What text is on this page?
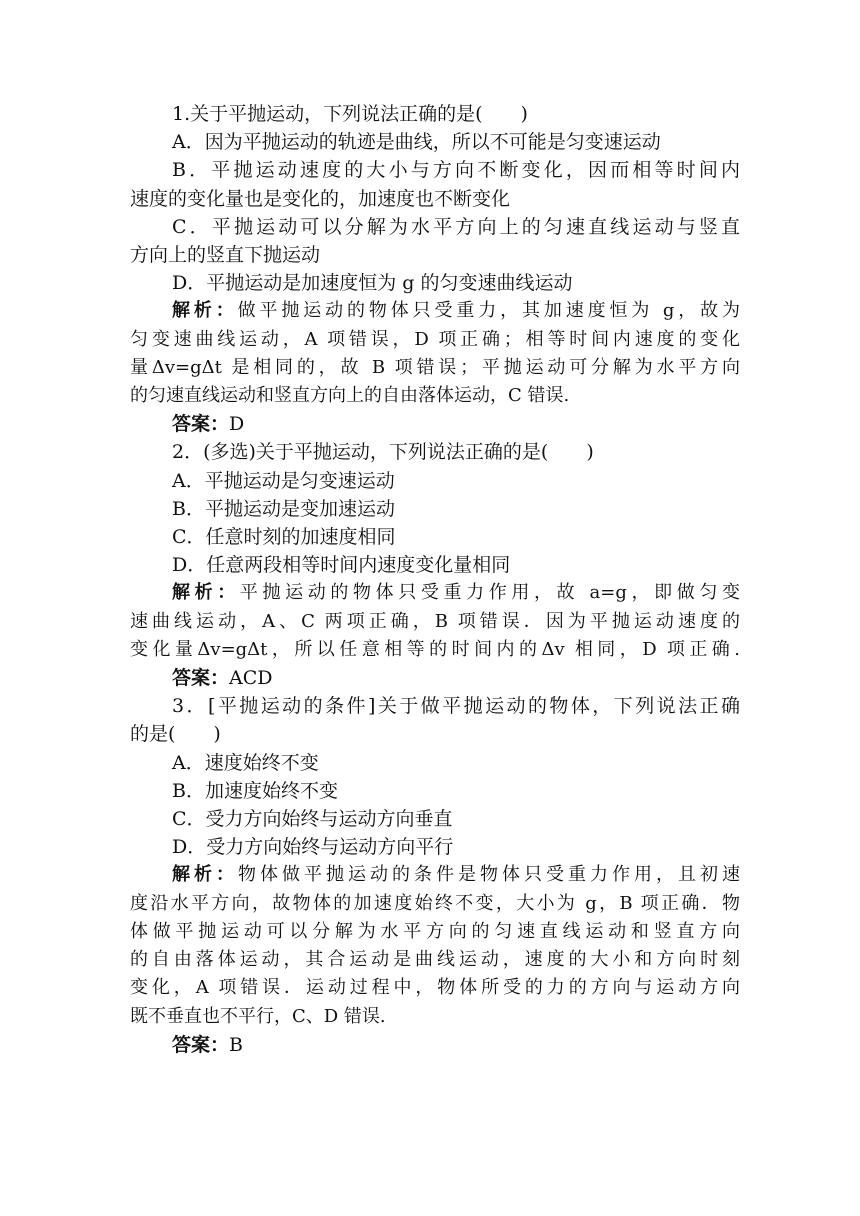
1.关于平抛运动，下列说法正确的是(　　)
A．因为平抛运动的轨迹是曲线，所以不可能是匀变速运动
B．平抛运动速度的大小与方向不断变化，因而相等时间内
速度的变化量也是变化的，加速度也不断变化
C．平抛运动可以分解为水平方向上的匀速直线运动与竖直
方向上的竖直下抛运动
D．平抛运动是加速度恒为 g 的匀变速曲线运动
解析：做平抛运动的物体只受重力，其加速度恒为 g，故为
匀变速曲线运动，A 项错误，D 项正确；相等时间内速度的变化
量Δv=gΔt 是相同的，故 B 项错误；平抛运动可分解为水平方向
的匀速直线运动和竖直方向上的自由落体运动，C 错误.
答案：D
2．(多选)关于平抛运动，下列说法正确的是(　　)
A．平抛运动是匀变速运动
B．平抛运动是变加速运动
C．任意时刻的加速度相同
D．任意两段相等时间内速度变化量相同
解析：平抛运动的物体只受重力作用，故 a=g，即做匀变
速曲线运动，A、C 两项正确，B 项错误．因为平抛运动速度的
变化量Δv=gΔt，所以任意相等的时间内的Δv 相同，D 项正确.
答案：ACD
3．[平抛运动的条件]关于做平抛运动的物体，下列说法正确
的是(　　)
A．速度始终不变
B．加速度始终不变
C．受力方向始终与运动方向垂直
D．受力方向始终与运动方向平行
解析：物体做平抛运动的条件是物体只受重力作用，且初速
度沿水平方向，故物体的加速度始终不变，大小为 g，B 项正确．物
体做平抛运动可以分解为水平方向的匀速直线运动和竖直方向
的自由落体运动，其合运动是曲线运动，速度的大小和方向时刻
变化，A 项错误．运动过程中，物体所受的力的方向与运动方向
既不垂直也不平行，C、D 错误.
答案：B
